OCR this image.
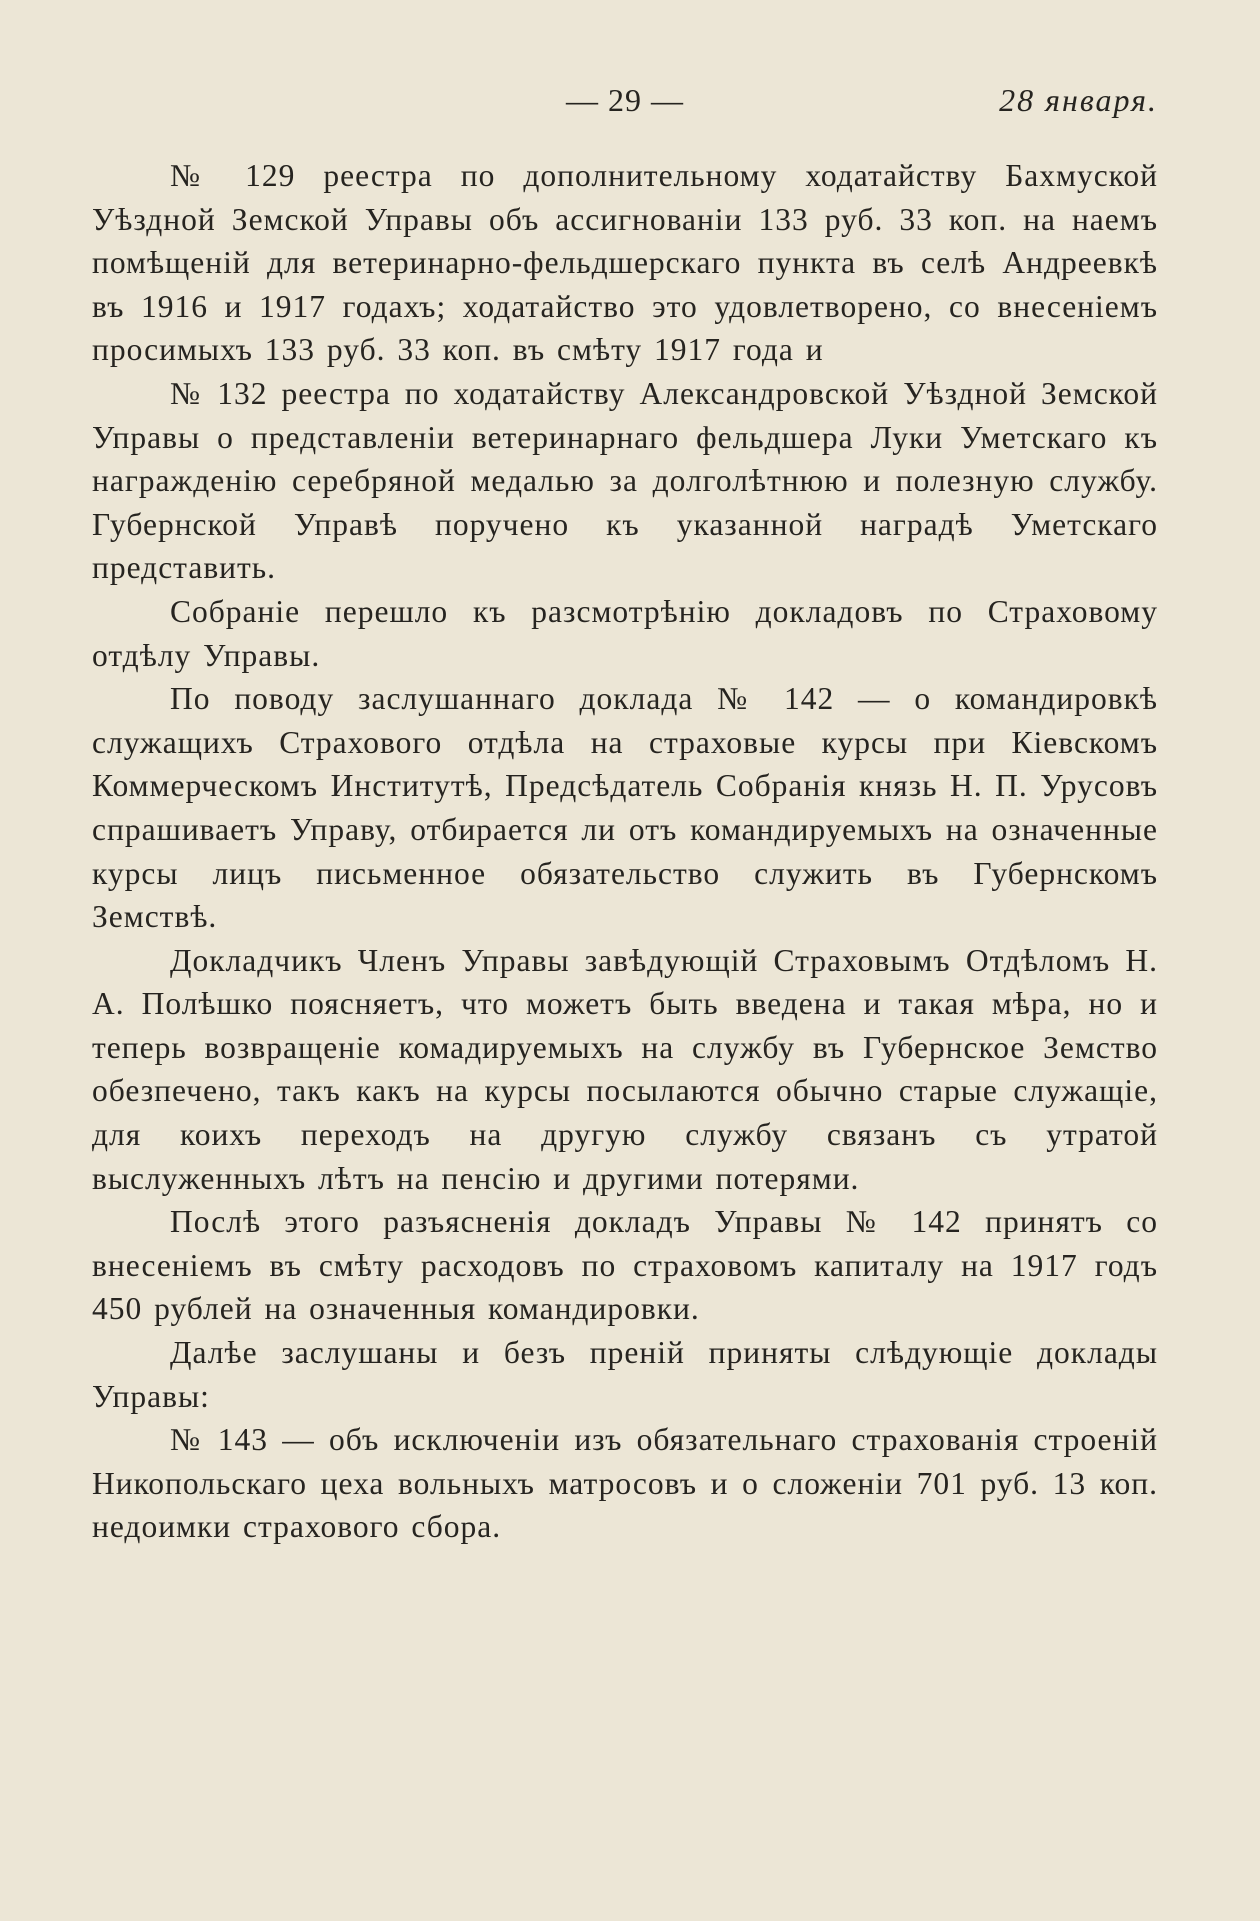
— 29 —	28 января.

№ 129 реестра по дополнительному ходатайству Бахмуской Уѣздной Земской Управы объ ассигнованіи 133 руб. 33 коп. на наемъ помѣщеній для ветеринарно-фельдшерскаго пункта въ селѣ Андреевкѣ въ 1916 и 1917 годахъ; ходатайство это удовлетворено, со внесеніемъ просимыхъ 133 руб. 33 коп. въ смѣту 1917 года и

№ 132 реестра по ходатайству Александровской Уѣздной Земской Управы о представленіи ветеринарнаго фельдшера Луки Уметскаго къ награжденію серебряной медалью за долголѣтнюю и полезную службу. Губернской Управѣ поручено къ указанной наградѣ Уметскаго представить.

Собраніе перешло къ разсмотрѣнію докладовъ по Страховому отдѣлу Управы.

По поводу заслушаннаго доклада № 142 — о командировкѣ служащихъ Страхового отдѣла на страховые курсы при Кіевскомъ Коммерческомъ Институтѣ, Предсѣдатель Собранія князь Н. П. Урусовъ спрашиваетъ Управу, отбирается ли отъ командируемыхъ на означенные курсы лицъ письменное обязательство служить въ Губернскомъ Земствѣ.

Докладчикъ Членъ Управы завѣдующій Страховымъ Отдѣломъ Н. А. Полѣшко поясняетъ, что можетъ быть введена и такая мѣра, но и теперь возвращеніе комадируемыхъ на службу въ Губернское Земство обезпечено, такъ какъ на курсы посылаются обычно старые служащіе, для коихъ переходъ на другую службу связанъ съ утратой выслуженныхъ лѣтъ на пенсію и другими потерями.

Послѣ этого разъясненія докладъ Управы № 142 принятъ со внесеніемъ въ смѣту расходовъ по страховомъ капиталу на 1917 годъ 450 рублей на означенныя командировки.

Далѣе заслушаны и безъ преній приняты слѣдующіе доклады Управы:

№ 143 — объ исключеніи изъ обязательнаго страхованія строеній Никопольскаго цеха вольныхъ матросовъ и о сложеніи 701 руб. 13 коп. недоимки страхового сбора.
